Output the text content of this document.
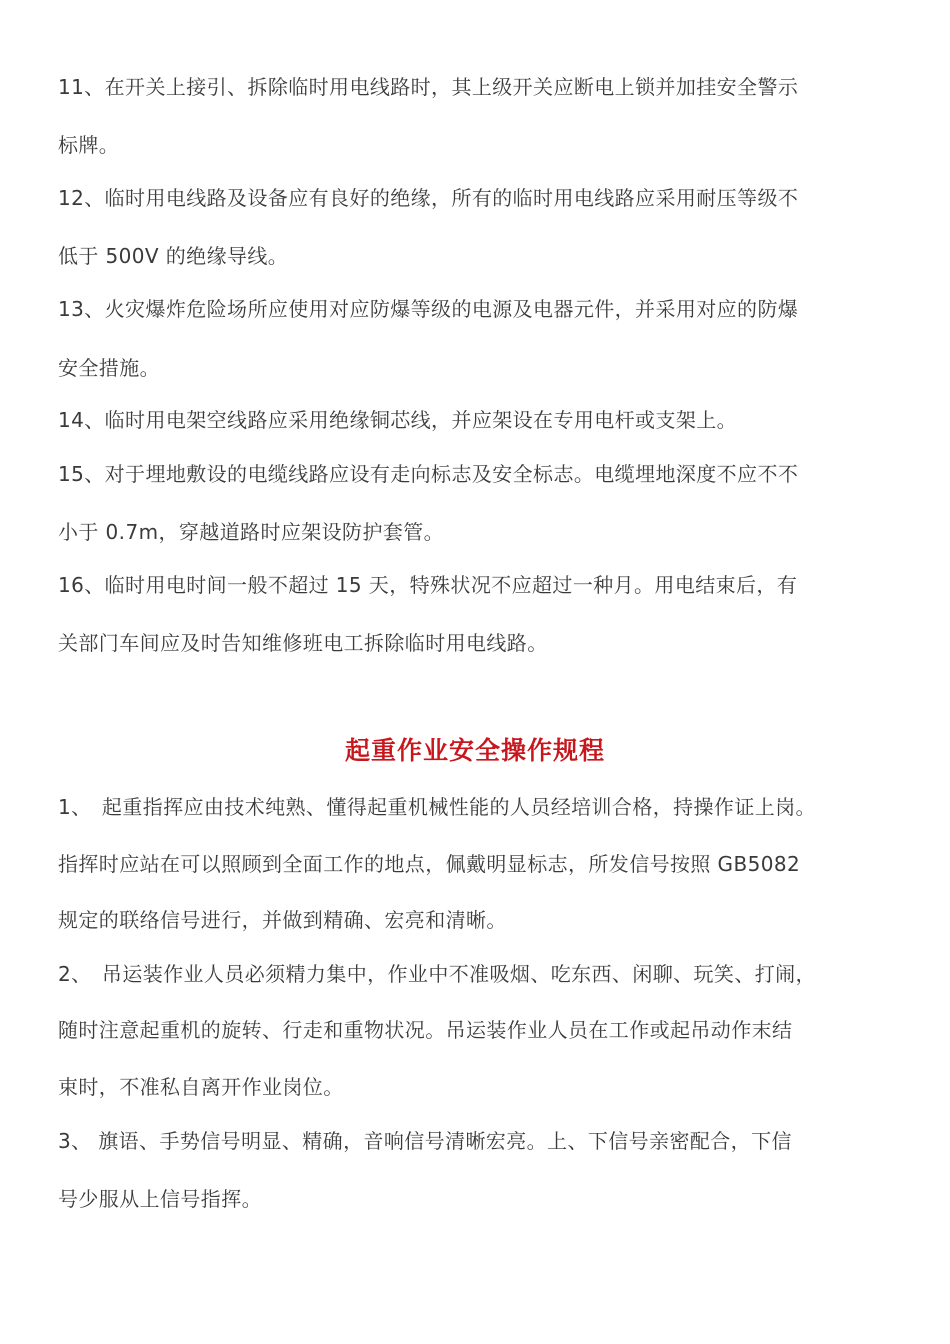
11、在开关上接引、拆除临时用电线路时，其上级开关应断电上锁并加挂安全警示

标牌。

12、临时用电线路及设备应有良好的绝缘，所有的临时用电线路应采用耐压等级不

低于 500V 的绝缘导线。

13、火灾爆炸危险场所应使用对应防爆等级的电源及电器元件，并采用对应的防爆

安全措施。

14、临时用电架空线路应采用绝缘铜芯线，并应架设在专用电杆或支架上。

15、对于埋地敷设的电缆线路应设有走向标志及安全标志。电缆埋地深度不应不不

小于 0.7m，穿越道路时应架设防护套管。

16、临时用电时间一般不超过 15 天，特殊状况不应超过一种月。用电结束后，有

关部门车间应及时告知维修班电工拆除临时用电线路。

起重作业安全操作规程

1、　起重指挥应由技术纯熟、懂得起重机械性能的人员经培训合格，持操作证上岗。

指挥时应站在可以照顾到全面工作的地点，佩戴明显标志，所发信号按照 GB5082

规定的联络信号进行，并做到精确、宏亮和清晰。

2、　吊运装作业人员必须精力集中，作业中不准吸烟、吃东西、闲聊、玩笑、打闹，

随时注意起重机的旋转、行走和重物状况。吊运装作业人员在工作或起吊动作末结

束时，不准私自离开作业岗位。

3、 旗语、手势信号明显、精确，音响信号清晰宏亮。上、下信号亲密配合，下信

号少服从上信号指挥。
